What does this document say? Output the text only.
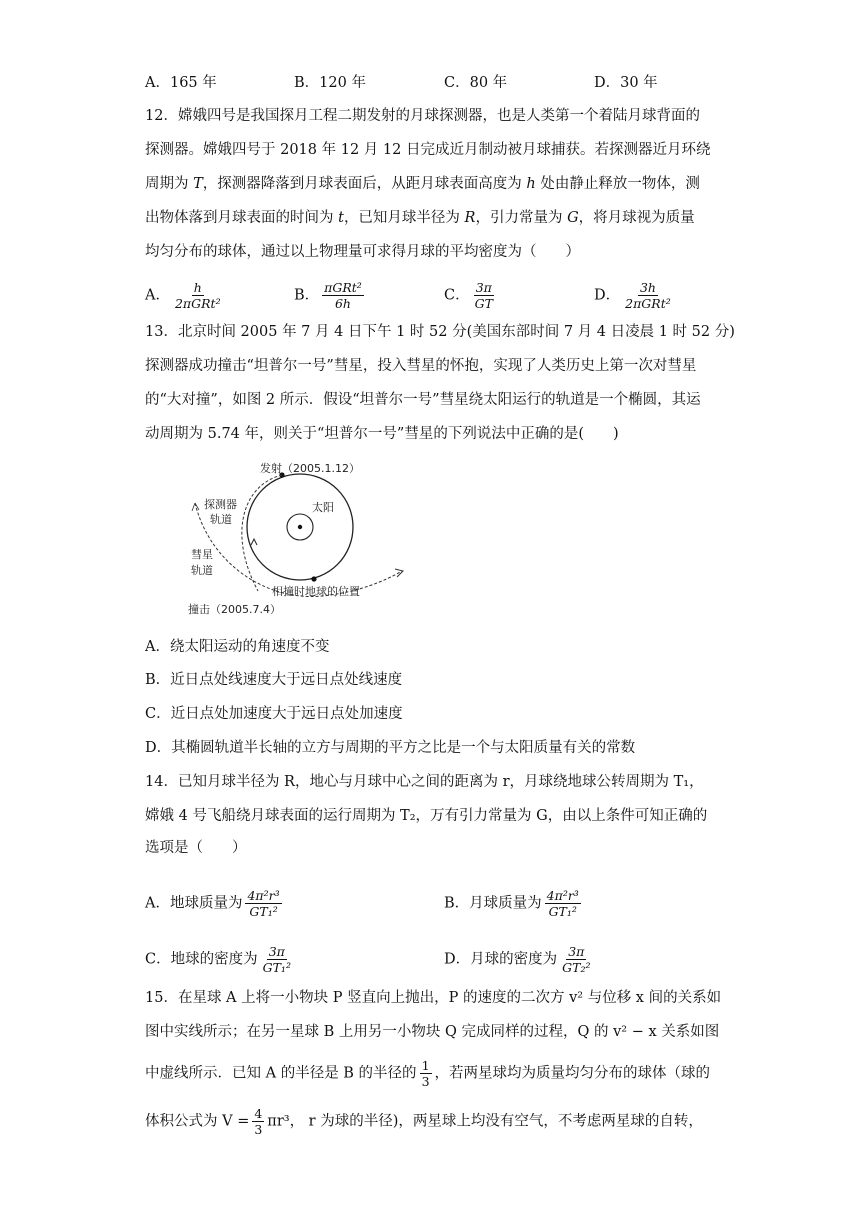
A．165 年	B．120 年	C．80 年	D．30 年
12．嫦娥四号是我国探月工程二期发射的月球探测器，也是人类第一个着陆月球背面的
探测器。嫦娥四号于 2018 年 12 月 12 日完成近月制动被月球捕获。若探测器近月环绕
周期为 T，探测器降落到月球表面后，从距月球表面高度为 h 处由静止释放一物体，测
出物体落到月球表面的时间为 t，已知月球半径为 R，引力常量为 G，将月球视为质量
均匀分布的球体，通过以上物理量可求得月球的平均密度为（　　）
A． $\frac{h}{\text{2πGRt²}}$	B． $\frac{\text{πGRt²}}{6h}$	C． $\frac{3\pi}{GT}$	D． $\frac{3h}{\text{2πGRt²}}$
13．北京时间 2005 年 7 月 4 日下午 1 时 52 分(美国东部时间 7 月 4 日凌晨 1 时 52 分)
探测器成功撞击“坦普尔一号”彗星，投入彗星的怀抱，实现了人类历史上第一次对彗星
的“大对撞”，如图 2 所示．假设“坦普尔一号”彗星绕太阳运行的轨道是一个椭圆，其运
动周期为 5.74 年，则关于“坦普尔一号”彗星的下列说法中正确的是(　　)
发射（2005.1.12）
太阳
探测器
轨道
彗星
轨道
相撞时地球的位置
撞击（2005.7.4）
A．绕太阳运动的角速度不变
B．近日点处线速度大于远日点处线速度
C．近日点处加速度大于远日点处加速度
D．其椭圆轨道半长轴的立方与周期的平方之比是一个与太阳质量有关的常数
14．已知月球半径为 R，地心与月球中心之间的距离为 r，月球绕地球公转周期为 T₁，
嫦娥 4 号飞船绕月球表面的运行周期为 T₂，万有引力常量为 G，由以上条件可知正确的
选项是（　　）
A．地球质量为 $\frac{\text{4π²r³}}{\text{GT₁²}}$	B．月球质量为 $\frac{\text{4π²r³}}{\text{GT₁²}}$
C．地球的密度为 $\frac{3\pi}{\text{GT₁²}}$	D．月球的密度为 $\frac{3\pi}{\text{GT₂²}}$
15．在星球 A 上将一小物块 P 竖直向上抛出，P 的速度的二次方 v² 与位移 x 间的关系如
图中实线所示；在另一星球 B 上用另一小物块 Q 完成同样的过程，Q 的 v² − x 关系如图
中虚线所示．已知 A 的半径是 B 的半径的 $\frac{1}{3}$ ，若两星球均为质量均匀分布的球体（球的
体积公式为 $V = \frac{4}{3} \pi r^3$， r 为球的半径)，两星球上均没有空气，不考虑两星球的自转，
